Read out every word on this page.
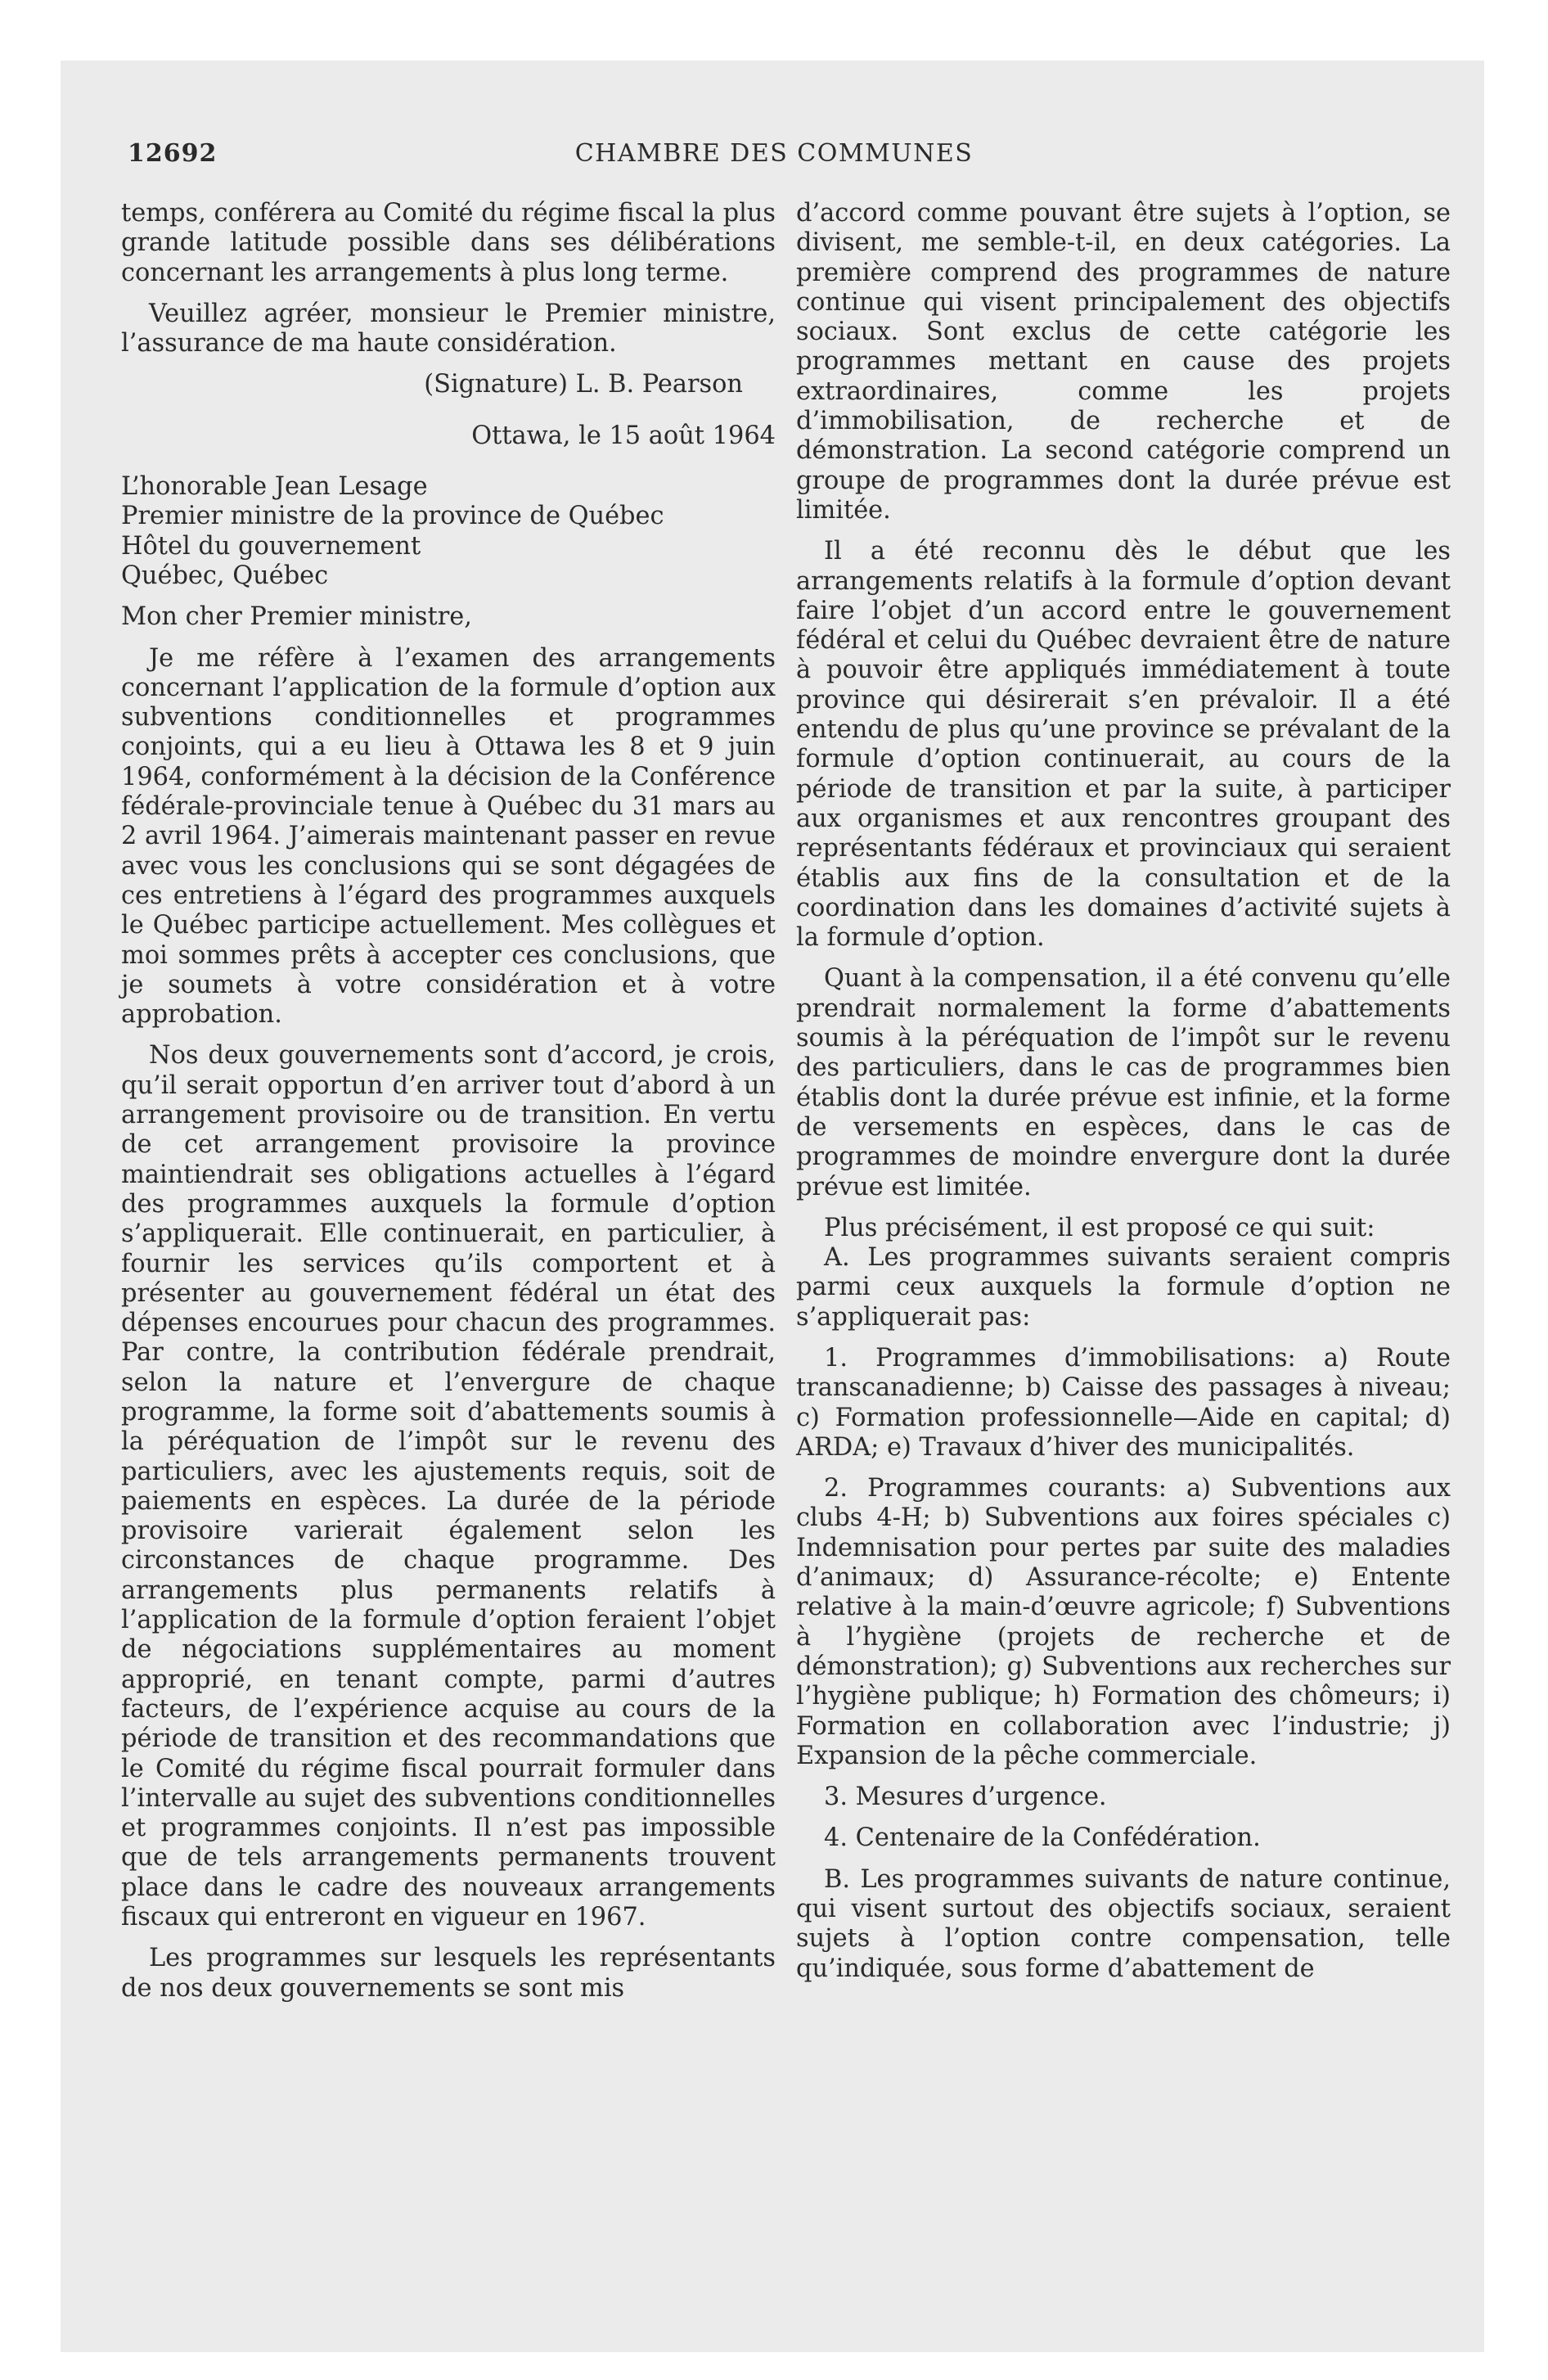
12692	CHAMBRE DES COMMUNES

temps, conférera au Comité du régime fiscal la plus grande latitude possible dans ses délibérations concernant les arrangements à plus long terme.

Veuillez agréer, monsieur le Premier ministre, l’assurance de ma haute considération.

(Signature) L. B. Pearson

Ottawa, le 15 août 1964

L’honorable Jean Lesage

Premier ministre de la province de Québec

Hôtel du gouvernement

Québec, Québec

Mon cher Premier ministre,

Je me réfère à l’examen des arrangements concernant l’application de la formule d’option aux subventions conditionnelles et programmes conjoints, qui a eu lieu à Ottawa les 8 et 9 juin 1964, conformément à la décision de la Conférence fédérale-provinciale tenue à Québec du 31 mars au 2 avril 1964. J’aimerais maintenant passer en revue avec vous les conclusions qui se sont dégagées de ces entretiens à l’égard des programmes auxquels le Québec participe actuellement. Mes collègues et moi sommes prêts à accepter ces conclusions, que je soumets à votre considération et à votre approbation.

Nos deux gouvernements sont d’accord, je crois, qu’il serait opportun d’en arriver tout d’abord à un arrangement provisoire ou de transition. En vertu de cet arrangement provisoire la province maintiendrait ses obligations actuelles à l’égard des programmes auxquels la formule d’option s’appliquerait. Elle continuerait, en particulier, à fournir les services qu’ils comportent et à présenter au gouvernement fédéral un état des dépenses encourues pour chacun des programmes. Par contre, la contribution fédérale prendrait, selon la nature et l’envergure de chaque programme, la forme soit d’abattements soumis à la péréquation de l’impôt sur le revenu des particuliers, avec les ajustements requis, soit de paiements en espèces. La durée de la période provisoire varierait également selon les circonstances de chaque programme. Des arrangements plus permanents relatifs à l’application de la formule d’option feraient l’objet de négociations supplémentaires au moment approprié, en tenant compte, parmi d’autres facteurs, de l’expérience acquise au cours de la période de transition et des recommandations que le Comité du régime fiscal pourrait formuler dans l’intervalle au sujet des subventions conditionnelles et programmes conjoints. Il n’est pas impossible que de tels arrangements permanents trouvent place dans le cadre des nouveaux arrangements fiscaux qui entreront en vigueur en 1967.

Les programmes sur lesquels les représentants de nos deux gouvernements se sont mis

d’accord comme pouvant être sujets à l’option, se divisent, me semble-t-il, en deux catégories. La première comprend des programmes de nature continue qui visent principalement des objectifs sociaux. Sont exclus de cette catégorie les programmes mettant en cause des projets extraordinaires, comme les projets d’immobilisation, de recherche et de démonstration. La second catégorie comprend un groupe de programmes dont la durée prévue est limitée.

Il a été reconnu dès le début que les arrangements relatifs à la formule d’option devant faire l’objet d’un accord entre le gouvernement fédéral et celui du Québec devraient être de nature à pouvoir être appliqués immédiatement à toute province qui désirerait s’en prévaloir. Il a été entendu de plus qu’une province se prévalant de la formule d’option continuerait, au cours de la période de transition et par la suite, à participer aux organismes et aux rencontres groupant des représentants fédéraux et provinciaux qui seraient établis aux fins de la consultation et de la coordination dans les domaines d’activité sujets à la formule d’option.

Quant à la compensation, il a été convenu qu’elle prendrait normalement la forme d’abattements soumis à la péréquation de l’impôt sur le revenu des particuliers, dans le cas de programmes bien établis dont la durée prévue est infinie, et la forme de versements en espèces, dans le cas de programmes de moindre envergure dont la durée prévue est limitée.

Plus précisément, il est proposé ce qui suit:

A. Les programmes suivants seraient compris parmi ceux auxquels la formule d’option ne s’appliquerait pas:

1. Programmes d’immobilisations: a) Route transcanadienne; b) Caisse des passages à niveau; c) Formation professionnelle—Aide en capital; d) ARDA; e) Travaux d’hiver des municipalités.

2. Programmes courants: a) Subventions aux clubs 4-H; b) Subventions aux foires spéciales c) Indemnisation pour pertes par suite des maladies d’animaux; d) Assurance-récolte; e) Entente relative à la main-d’œuvre agricole; f) Subventions à l’hygiène (projets de recherche et de démonstration); g) Subventions aux recherches sur l’hygiène publique; h) Formation des chômeurs; i) Formation en collaboration avec l’industrie; j) Expansion de la pêche commerciale.

3. Mesures d’urgence.

4. Centenaire de la Confédération.

B. Les programmes suivants de nature continue, qui visent surtout des objectifs sociaux, seraient sujets à l’option contre compensation, telle qu’indiquée, sous forme d’abattement de
